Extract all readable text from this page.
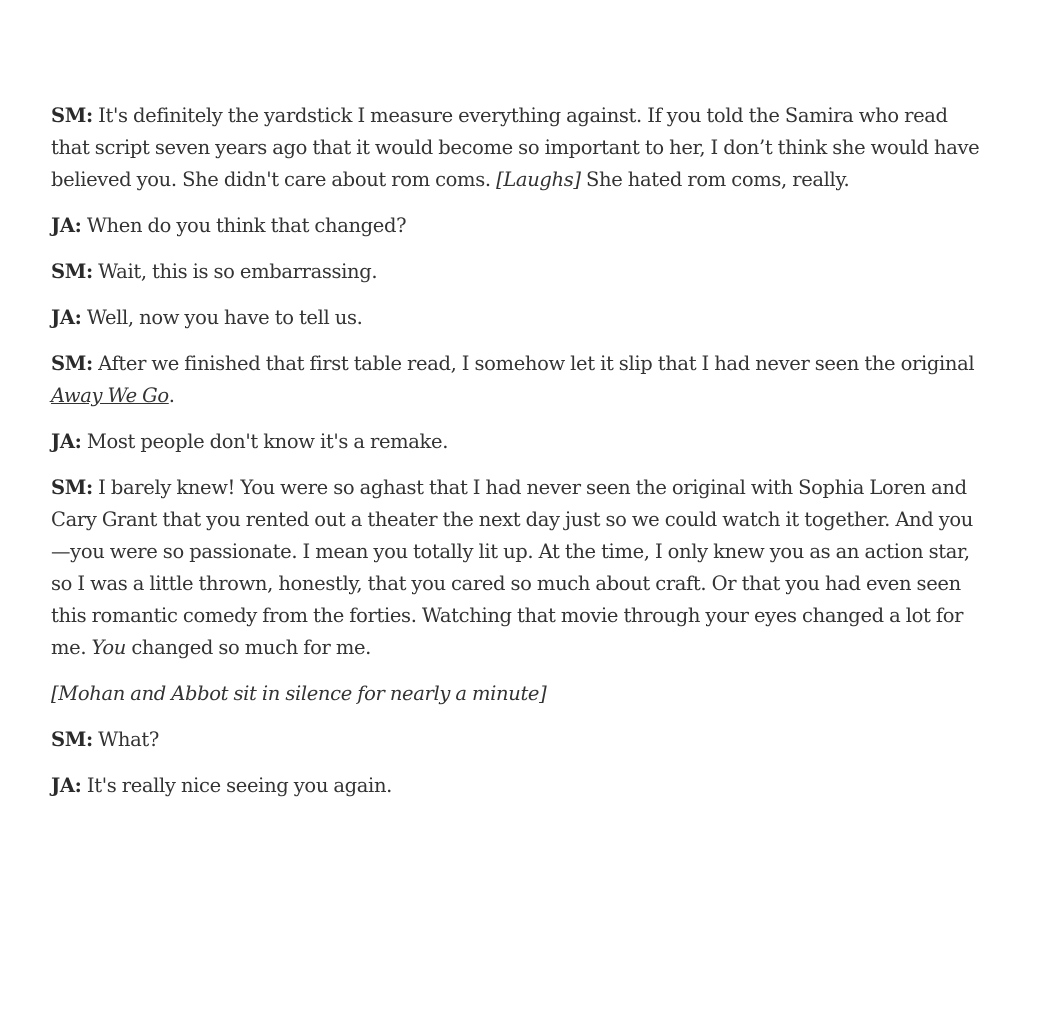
SM: It's definitely the yardstick I measure everything against. If you told the Samira who read that script seven years ago that it would become so important to her, I don’t think she would have believed you. She didn't care about rom coms. [Laughs] She hated rom coms, really.

JA: When do you think that changed?

SM: Wait, this is so embarrassing.

JA: Well, now you have to tell us.

SM: After we finished that first table read, I somehow let it slip that I had never seen the original Away We Go.

JA: Most people don't know it's a remake.

SM: I barely knew! You were so aghast that I had never seen the original with Sophia Loren and Cary Grant that you rented out a theater the next day just so we could watch it together. And you—you were so passionate. I mean you totally lit up. At the time, I only knew you as an action star, so I was a little thrown, honestly, that you cared so much about craft. Or that you had even seen this romantic comedy from the forties. Watching that movie through your eyes changed a lot for me. You changed so much for me.

[Mohan and Abbot sit in silence for nearly a minute]

SM: What?

JA: It's really nice seeing you again.
